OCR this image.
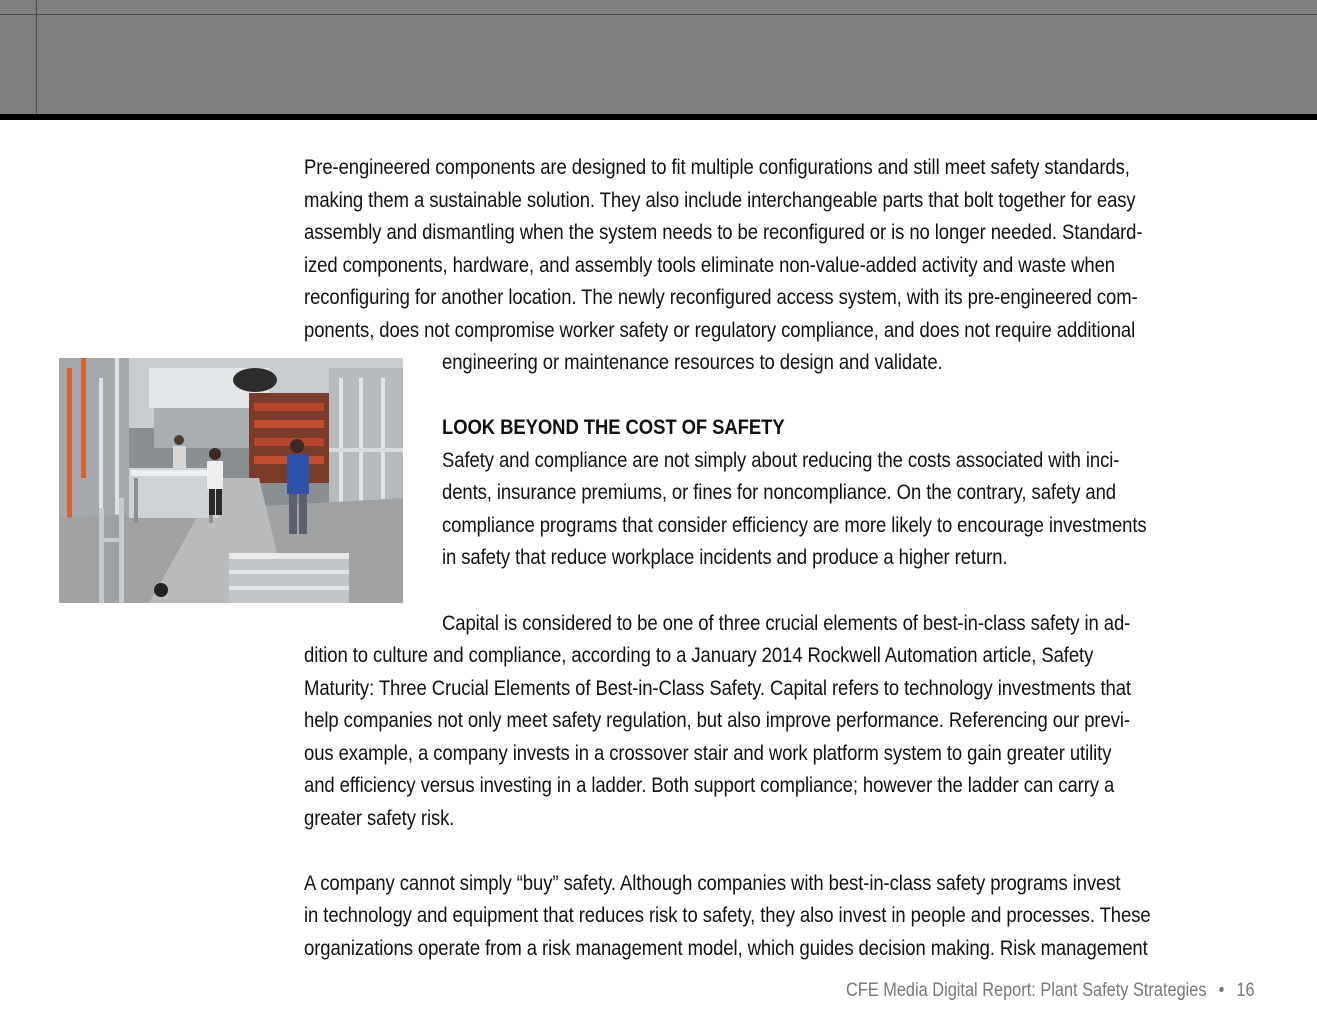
Pre-engineered components are designed to fit multiple configurations and still meet safety standards,
making them a sustainable solution. They also include interchangeable parts that bolt together for easy
assembly and dismantling when the system needs to be reconfigured or is no longer needed. Standard-
ized components, hardware, and assembly tools eliminate non-value-added activity and waste when
reconfiguring for another location. The newly reconfigured access system, with its pre-engineered com-
ponents, does not compromise worker safety or regulatory compliance, and does not require additional
engineering or maintenance resources to design and validate.
LOOK BEYOND THE COST OF SAFETY
Safety and compliance are not simply about reducing the costs associated with inci-
dents, insurance premiums, or fines for noncompliance. On the contrary, safety and
compliance programs that consider efficiency are more likely to encourage investments
in safety that reduce workplace incidents and produce a higher return.
Capital is considered to be one of three crucial elements of best-in-class safety in ad-
dition to culture and compliance, according to a January 2014 Rockwell Automation article, Safety
Maturity: Three Crucial Elements of Best-in-Class Safety. Capital refers to technology investments that
help companies not only meet safety regulation, but also improve performance. Referencing our previ-
ous example, a company invests in a crossover stair and work platform system to gain greater utility
and efficiency versus investing in a ladder. Both support compliance; however the ladder can carry a
greater safety risk.
A company cannot simply “buy” safety. Although companies with best-in-class safety programs invest
in technology and equipment that reduces risk to safety, they also invest in people and processes. These
organizations operate from a risk management model, which guides decision making. Risk management
CFE Media Digital Report: Plant Safety Strategies • 16
